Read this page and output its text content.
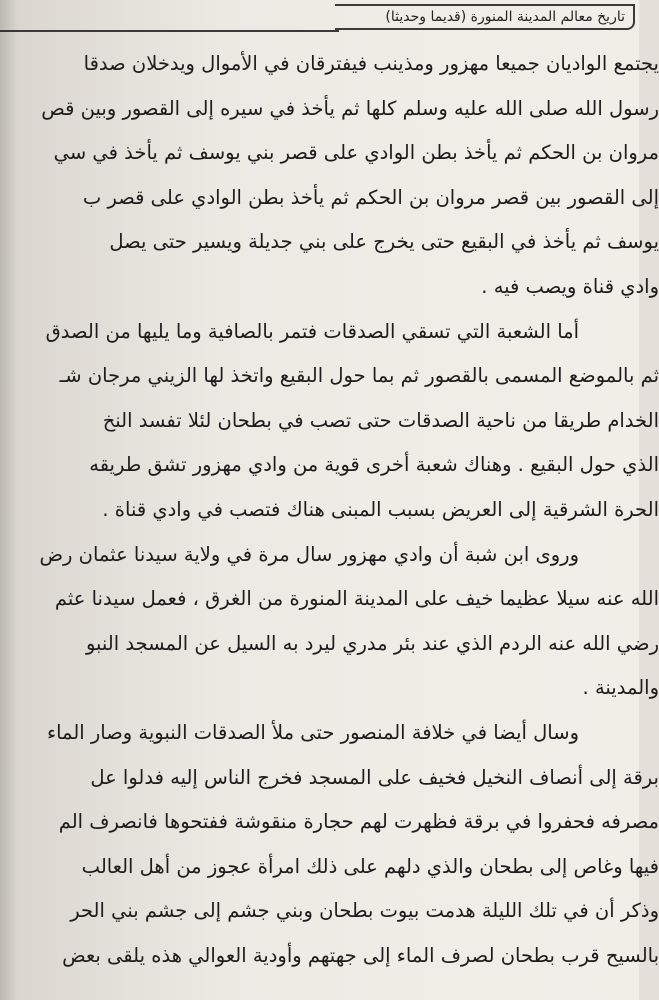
تاريخ معالم المدينة المنورة (قديما وحديثا)
يجتمع الواديان جميعا مهزور ومذينب فيفترقان في الأموال ويدخلان صدقا
رسول الله صلى الله عليه وسلم كلها ثم يأخذ في سيره إلى القصور وبين قص
مروان بن الحكم ثم يأخذ بطن الوادي على قصر بني يوسف ثم يأخذ في سي
إلى القصور بين قصر مروان بن الحكم ثم يأخذ بطن الوادي على قصر ب
يوسف ثم يأخذ في البقيع حتى يخرج على بني جديلة ويسير حتى يصل
وادي قناة ويصب فيه .
أما الشعبة التي تسقي الصدقات فتمر بالصافية وما يليها من الصدق
ثم بالموضع المسمى بالقصور ثم بما حول البقيع واتخذ لها الزيني مرجان شـ
الخدام طريقا من ناحية الصدقات حتى تصب في بطحان لئلا تفسد النخ
الذي حول البقيع . وهناك شعبة أخرى قوية من وادي مهزور تشق طريقه
الحرة الشرقية إلى العريض بسبب المبنى هناك فتصب في وادي قناة .
وروى ابن شبة أن وادي مهزور سال مرة في ولاية سيدنا عثمان رض
الله عنه سيلا عظيما خيف على المدينة المنورة من الغرق ، فعمل سيدنا عثم
رضي الله عنه الردم الذي عند بئر مدري ليرد به السيل عن المسجد النبو
والمدينة .
وسال أيضا في خلافة المنصور حتى ملأ الصدقات النبوية وصار الماء
برقة إلى أنصاف النخيل فخيف على المسجد فخرج الناس إليه فدلوا عل
مصرفه فحفروا في برقة فظهرت لهم حجارة منقوشة ففتحوها فانصرف الم
فيها وغاص إلى بطحان والذي دلهم على ذلك امرأة عجوز من أهل العالب
وذكر أن في تلك الليلة هدمت بيوت بطحان وبني جشم إلى جشم بني الحر
بالسيح قرب بطحان لصرف الماء إلى جهتهم وأودية العوالي هذه يلقى بعض
